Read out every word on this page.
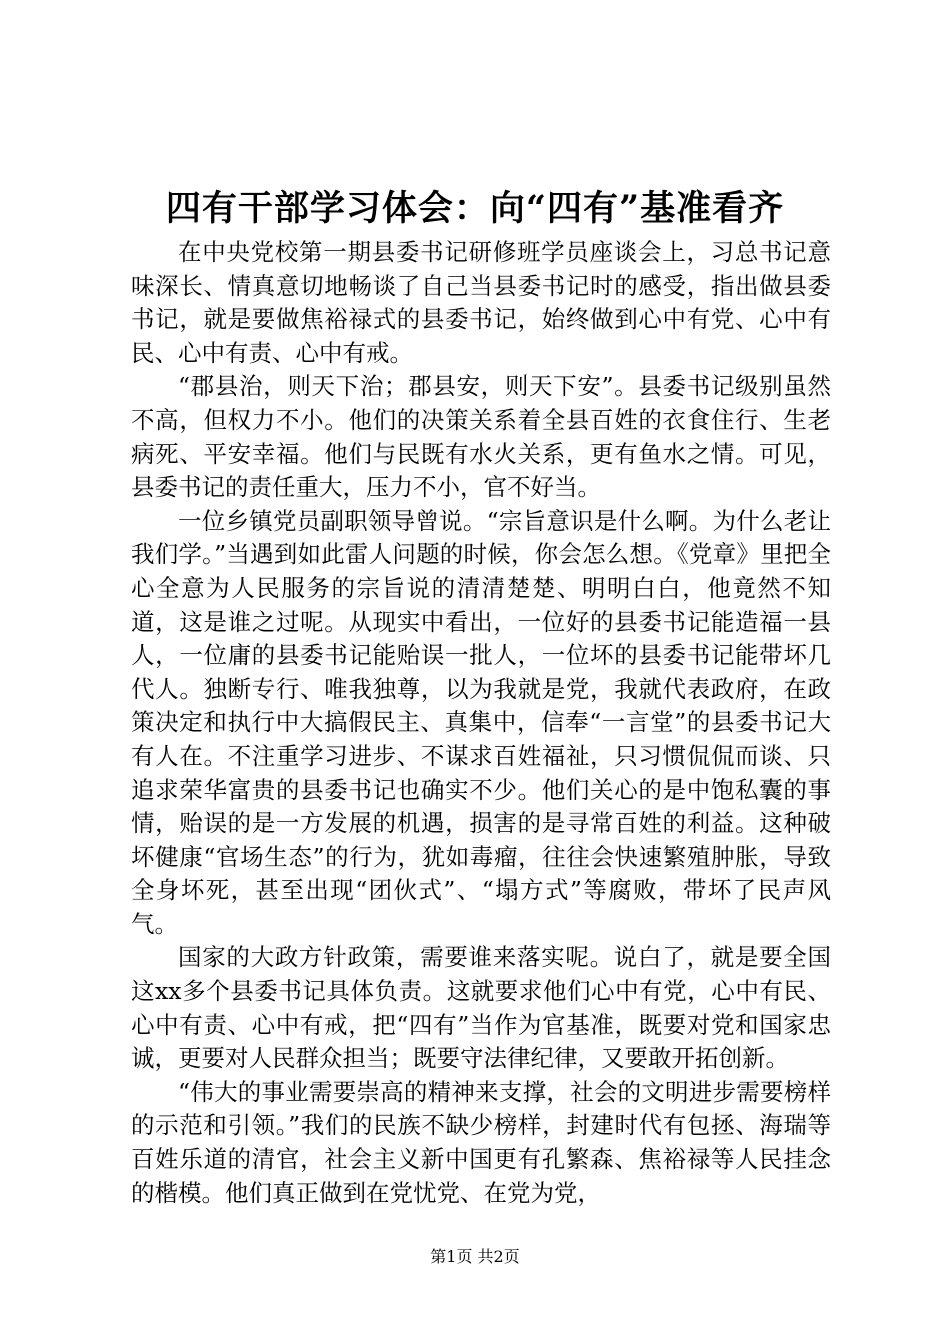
四有干部学习体会：向“四有”基准看齐

在中央党校第一期县委书记研修班学员座谈会上，习总书记意味深长、情真意切地畅谈了自己当县委书记时的感受，指出做县委书记，就是要做焦裕禄式的县委书记，始终做到心中有党、心中有民、心中有责、心中有戒。

“郡县治，则天下治；郡县安，则天下安”。县委书记级别虽然不高，但权力不小。他们的决策关系着全县百姓的衣食住行、生老病死、平安幸福。他们与民既有水火关系，更有鱼水之情。可见，县委书记的责任重大，压力不小，官不好当。

一位乡镇党员副职领导曾说。“宗旨意识是什么啊。为什么老让我们学。”当遇到如此雷人问题的时候，你会怎么想。《党章》里把全心全意为人民服务的宗旨说的清清楚楚、明明白白，他竟然不知道，这是谁之过呢。从现实中看出，一位好的县委书记能造福一县人，一位庸的县委书记能贻误一批人，一位坏的县委书记能带坏几代人。独断专行、唯我独尊，以为我就是党，我就代表政府，在政策决定和执行中大搞假民主、真集中，信奉“一言堂”的县委书记大有人在。不注重学习进步、不谋求百姓福祉，只习惯侃侃而谈、只追求荣华富贵的县委书记也确实不少。他们关心的是中饱私囊的事情，贻误的是一方发展的机遇，损害的是寻常百姓的利益。这种破坏健康“官场生态”的行为，犹如毒瘤，往往会快速繁殖肿胀，导致全身坏死，甚至出现“团伙式”、“塌方式”等腐败，带坏了民声风气。

国家的大政方针政策，需要谁来落实呢。说白了，就是要全国这xx多个县委书记具体负责。这就要求他们心中有党，心中有民、心中有责、心中有戒，把“四有”当作为官基准，既要对党和国家忠诚，更要对人民群众担当；既要守法律纪律，又要敢开拓创新。

“伟大的事业需要崇高的精神来支撑，社会的文明进步需要榜样的示范和引领。”我们的民族不缺少榜样，封建时代有包拯、海瑞等百姓乐道的清官，社会主义新中国更有孔繁森、焦裕禄等人民挂念的楷模。他们真正做到在党忧党、在党为党，

第1页 共2页
